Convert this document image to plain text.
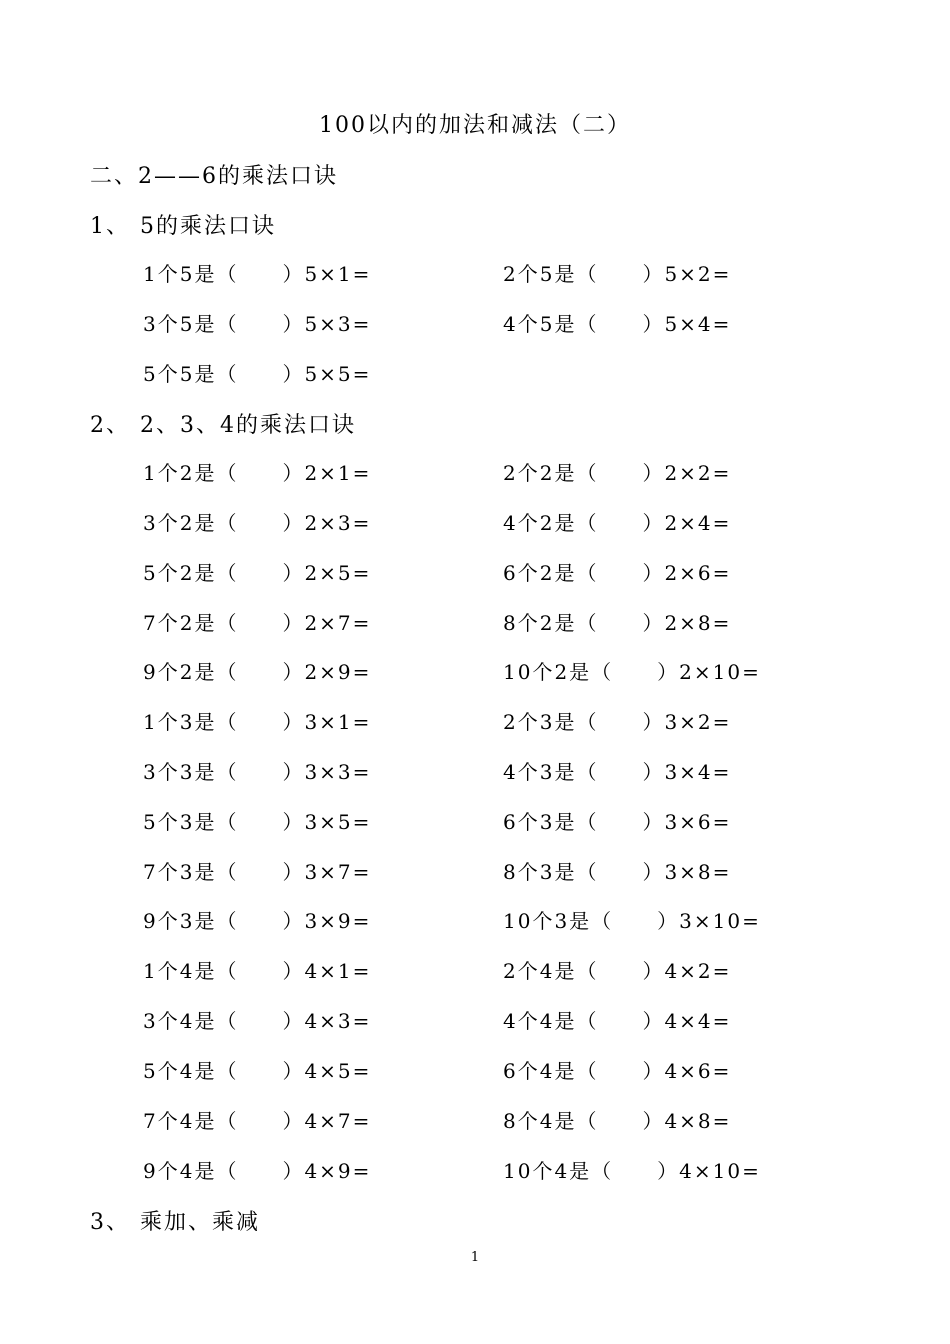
100以内的加法和减法（二）
二、2——6的乘法口诀
1、 5的乘法口诀
1个5是（　　）5×1=	2个5是（　　）5×2=
3个5是（　　）5×3=	4个5是（　　）5×4=
5个5是（　　）5×5=
2、 2、3、4的乘法口诀
1个2是（　　）2×1=	2个2是（　　）2×2=
3个2是（　　）2×3=	4个2是（　　）2×4=
5个2是（　　）2×5=	6个2是（　　）2×6=
7个2是（　　）2×7=	8个2是（　　）2×8=
9个2是（　　）2×9=	10个2是（　　）2×10=
1个3是（　　）3×1=	2个3是（　　）3×2=
3个3是（　　）3×3=	4个3是（　　）3×4=
5个3是（　　）3×5=	6个3是（　　）3×6=
7个3是（　　）3×7=	8个3是（　　）3×8=
9个3是（　　）3×9=	10个3是（　　）3×10=
1个4是（　　）4×1=	2个4是（　　）4×2=
3个4是（　　）4×3=	4个4是（　　）4×4=
5个4是（　　）4×5=	6个4是（　　）4×6=
7个4是（　　）4×7=	8个4是（　　）4×8=
9个4是（　　）4×9=	10个4是（　　）4×10=
3、 乘加、乘减
1
